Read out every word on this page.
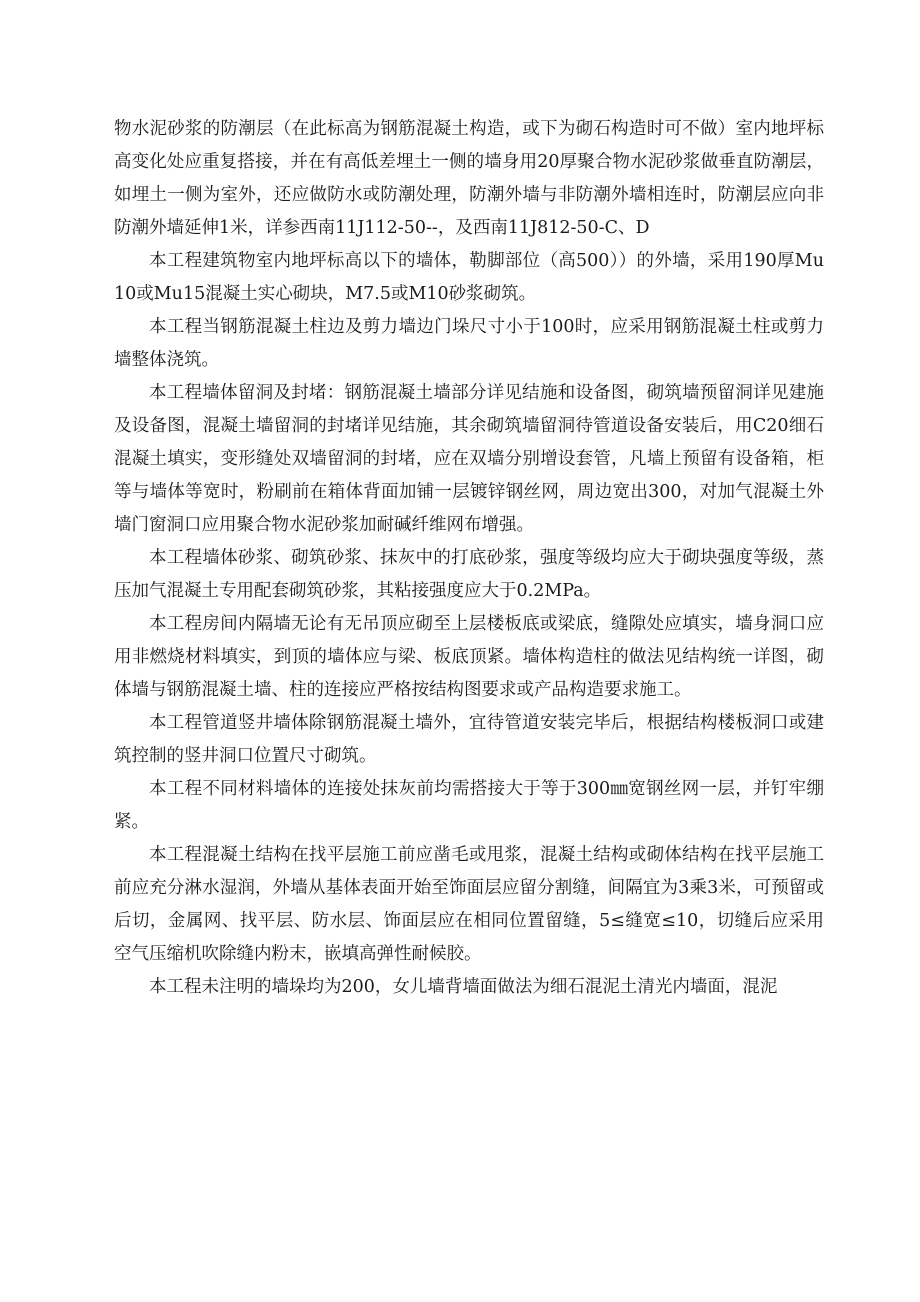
物水泥砂浆的防潮层（在此标高为钢筋混凝土构造，或下为砌石构造时可不做）室内地坪标高变化处应重复搭接，并在有高低差埋土一侧的墙身用20厚聚合物水泥砂浆做垂直防潮层，如埋土一侧为室外，还应做防水或防潮处理，防潮外墙与非防潮外墙相连时，防潮层应向非防潮外墙延伸1米，详参西南11J112-50--，及西南11J812-50-C、D

本工程建筑物室内地坪标高以下的墙体，勒脚部位（高500））的外墙，采用190厚Mu10或Mu15混凝土实心砌块，M7.5或M10砂浆砌筑。

本工程当钢筋混凝土柱边及剪力墙边门垛尺寸小于100时，应采用钢筋混凝土柱或剪力墙整体浇筑。

本工程墙体留洞及封堵：钢筋混凝土墙部分详见结施和设备图，砌筑墙预留洞详见建施及设备图，混凝土墙留洞的封堵详见结施，其余砌筑墙留洞待管道设备安装后，用C20细石混凝土填实，变形缝处双墙留洞的封堵，应在双墙分别增设套管，凡墙上预留有设备箱，柜等与墙体等宽时，粉刷前在箱体背面加铺一层镀锌钢丝网，周边宽出300，对加气混凝土外墙门窗洞口应用聚合物水泥砂浆加耐碱纤维网布增强。

本工程墙体砂浆、砌筑砂浆、抹灰中的打底砂浆，强度等级均应大于砌块强度等级，蒸压加气混凝土专用配套砌筑砂浆，其粘接强度应大于0.2MPa。

本工程房间内隔墙无论有无吊顶应砌至上层楼板底或梁底，缝隙处应填实，墙身洞口应用非燃烧材料填实，到顶的墙体应与梁、板底顶紧。墙体构造柱的做法见结构统一详图，砌体墙与钢筋混凝土墙、柱的连接应严格按结构图要求或产品构造要求施工。

本工程管道竖井墙体除钢筋混凝土墙外，宜待管道安装完毕后，根据结构楼板洞口或建筑控制的竖井洞口位置尺寸砌筑。

本工程不同材料墙体的连接处抹灰前均需搭接大于等于300㎜宽钢丝网一层，并钉牢绷紧。

本工程混凝土结构在找平层施工前应凿毛或甩浆，混凝土结构或砌体结构在找平层施工前应充分淋水湿润，外墙从基体表面开始至饰面层应留分割缝，间隔宜为3乘3米，可预留或后切，金属网、找平层、防水层、饰面层应在相同位置留缝，5≤缝宽≤10，切缝后应采用空气压缩机吹除缝内粉末，嵌填高弹性耐候胶。

本工程未注明的墙垛均为200，女儿墙背墙面做法为细石混泥土清光内墙面，混泥
